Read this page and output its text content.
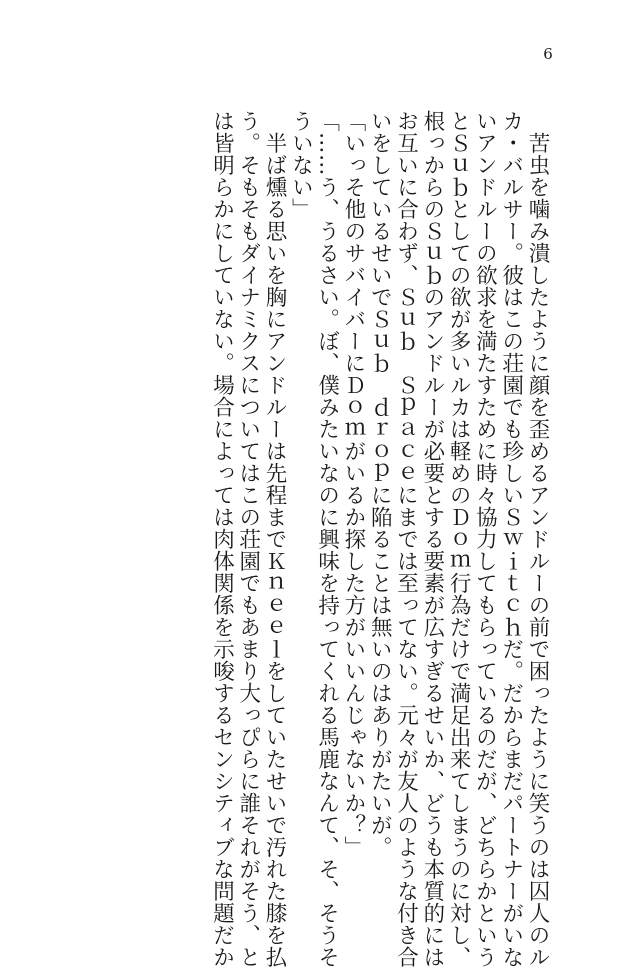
6
　苦虫を噛み潰したように顔を歪めるアンドルーの前で困ったように笑うのは囚人のル
カ・バルサー。彼はこの荘園でも珍しいＳｗｉｔｃｈだ。だからまだパートナーがいな
いアンドルーの欲求を満たすために時々協力してもらっているのだが、どちらかという
とＳｕｂとしての欲が多いルカは軽めのＤｏｍ行為だけで満足出来てしまうのに対し、
根っからのＳｕｂのアンドルーが必要とする要素が広すぎるせいか、どうも本質的には
お互いに合わず、Ｓｕｂ　Ｓｐａｃｅにまでは至ってない。元々が友人のような付き合
いをしているせいでＳｕｂ　ｄｒｏｐに陥ることは無いのはありがたいが。
「いっそ他のサバイバーにＤｏｍがいるか探した方がいいんじゃないか？」
「……う、うるさい。ぼ、僕みたいなのに興味を持ってくれる馬鹿なんて、そ、そうそ
ういない」
　半ば燻る思いを胸にアンドルーは先程までＫｎｅｅｌをしていたせいで汚れた膝を払
う。そもそもダイナミクスについてはこの荘園でもあまり大っぴらに誰それがそう、と
は皆明らかにしていない。場合によっては肉体関係を示唆するセンシティブな問題だか
